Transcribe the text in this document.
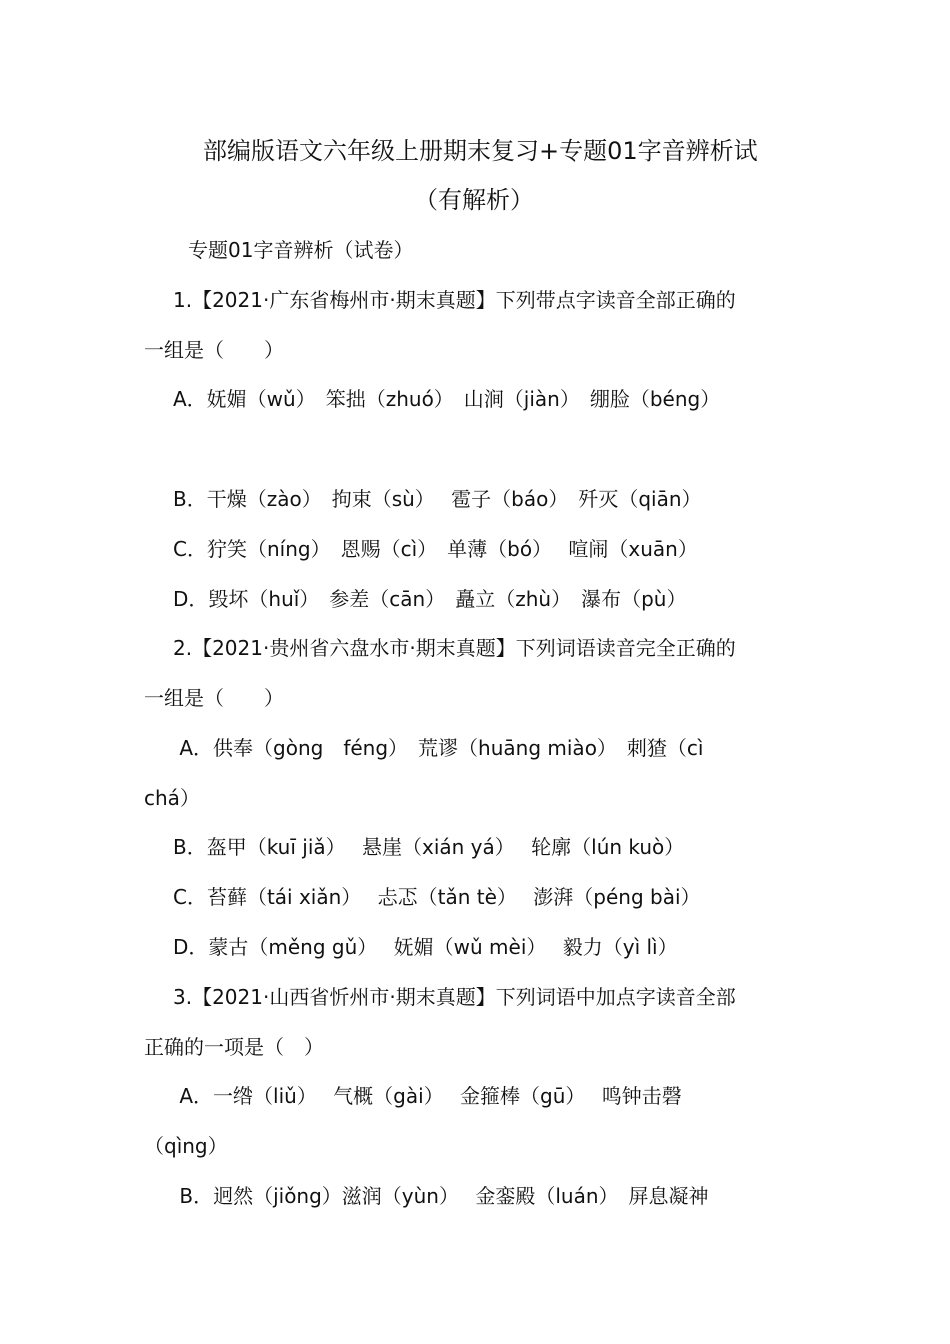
部编版语文六年级上册期末复习+专题01字音辨析试
（有解析）
专题01字音辨析（试卷）
1.【2021·广东省梅州市·期末真题】下列带点字读音全部正确的
一组是（　　）
A．妩媚（wǔ）　笨拙（zhuó）　山涧（jiàn）　绷脸（béng）
B．干燥（zào）　拘束（sù）　 雹子（báo）　歼灭（qiān）
C．狞笑（níng）　恩赐（cì）　单薄（bó）　 喧闹（xuān）
D．毁坏（huǐ）　参差（cān）　矗立（zhù）　瀑布（pù）
2.【2021·贵州省六盘水市·期末真题】下列词语读音完全正确的
一组是（　　）
A．供奉（gòng　féng）　荒谬（huāng miào）　刺猹（cì
chá）
B．盔甲（kuī jiǎ）　 悬崖（xián yá）　 轮廓（lún kuò）
C．苔藓（tái xiǎn）　 忐忑（tǎn tè）　 澎湃（péng bài）
D．蒙古（měng gǔ）　 妩媚（wǔ mèi）　 毅力（yì lì）
3.【2021·山西省忻州市·期末真题】下列词语中加点字读音全部
正确的一项是（　）
A．一绺（liǔ）　 气概（gài）　 金箍棒（gū）　 鸣钟击磬
（qìng）
B．迥然（jiǒng）滋润（yùn）　 金銮殿（luán）　屏息凝神
